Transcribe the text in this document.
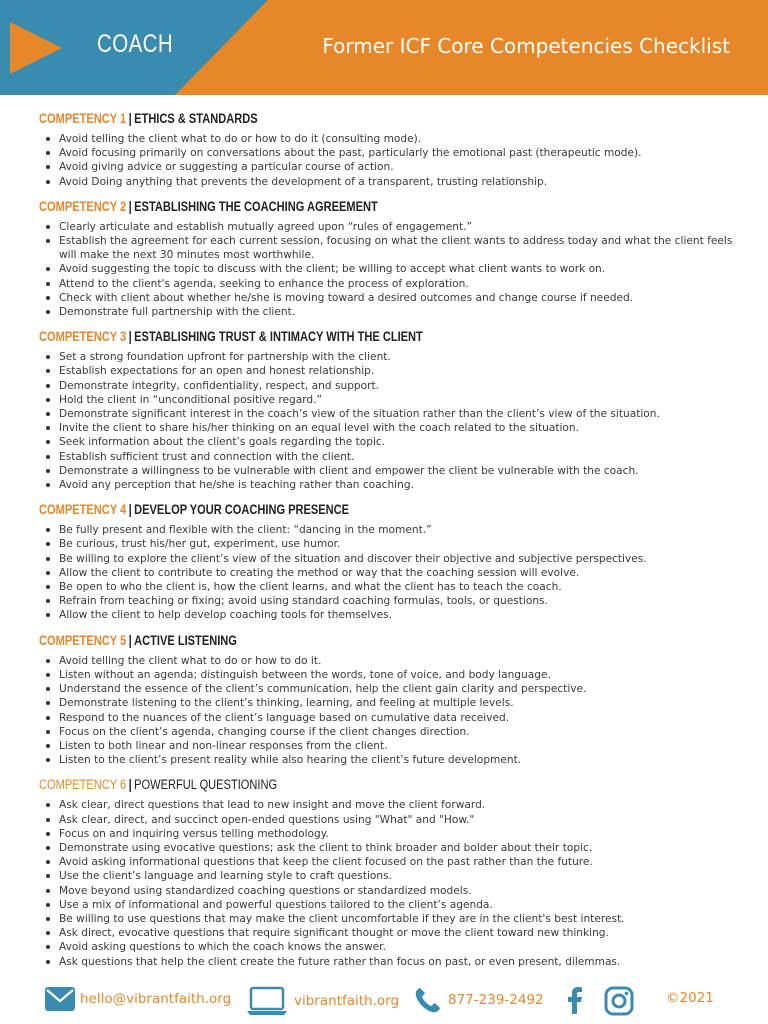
COACH	Former ICF Core Competencies Checklist
COMPETENCY 1 | ETHICS & STANDARDS
Avoid telling the client what to do or how to do it (consulting mode).
Avoid focusing primarily on conversations about the past, particularly the emotional past (therapeutic mode).
Avoid giving advice or suggesting a particular course of action.
Avoid Doing anything that prevents the development of a transparent, trusting relationship.
COMPETENCY 2 | ESTABLISHING THE COACHING AGREEMENT
Clearly articulate and establish mutually agreed upon “rules of engagement.”
Establish the agreement for each current session, focusing on what the client wants to address today and what the client feels will make the next 30 minutes most worthwhile.
Avoid suggesting the topic to discuss with the client; be willing to accept what client wants to work on.
Attend to the client's agenda, seeking to enhance the process of exploration.
Check with client about whether he/she is moving toward a desired outcomes and change course if needed.
Demonstrate full partnership with the client.
COMPETENCY 3 | ESTABLISHING TRUST & INTIMACY WITH THE CLIENT
Set a strong foundation upfront for partnership with the client.
Establish expectations for an open and honest relationship.
Demonstrate integrity, confidentiality, respect, and support.
Hold the client in “unconditional positive regard.”
Demonstrate significant interest in the coach’s view of the situation rather than the client’s view of the situation.
Invite the client to share his/her thinking on an equal level with the coach related to the situation.
Seek information about the client’s goals regarding the topic.
Establish sufficient trust and connection with the client.
Demonstrate a willingness to be vulnerable with client and empower the client be vulnerable with the coach.
Avoid any perception that he/she is teaching rather than coaching.
COMPETENCY 4 | DEVELOP YOUR COACHING PRESENCE
Be fully present and flexible with the client: “dancing in the moment.”
Be curious, trust his/her gut, experiment, use humor.
Be willing to explore the client’s view of the situation and discover their objective and subjective perspectives.
Allow the client to contribute to creating the method or way that the coaching session will evolve.
Be open to who the client is, how the client learns, and what the client has to teach the coach.
Refrain from teaching or fixing; avoid using standard coaching formulas, tools, or questions.
Allow the client to help develop coaching tools for themselves.
COMPETENCY 5 | ACTIVE LISTENING
Avoid telling the client what to do or how to do it.
Listen without an agenda; distinguish between the words, tone of voice, and body language.
Understand the essence of the client’s communication, help the client gain clarity and perspective.
Demonstrate listening to the client’s thinking, learning, and feeling at multiple levels.
Respond to the nuances of the client’s language based on cumulative data received.
Focus on the client’s agenda, changing course if the client changes direction.
Listen to both linear and non-linear responses from the client.
Listen to the client’s present reality while also hearing the client’s future development.
COMPETENCY 6 | POWERFUL QUESTIONING
Ask clear, direct questions that lead to new insight and move the client forward.
Ask clear, direct, and succinct open-ended questions using "What" and "How."
Focus on and inquiring versus telling methodology.
Demonstrate using evocative questions; ask the client to think broader and bolder about their topic.
Avoid asking informational questions that keep the client focused on the past rather than the future.
Use the client’s language and learning style to craft questions.
Move beyond using standardized coaching questions or standardized models.
Use a mix of informational and powerful questions tailored to the client’s agenda.
Be willing to use questions that may make the client uncomfortable if they are in the client's best interest.
Ask direct, evocative questions that require significant thought or move the client toward new thinking.
Avoid asking questions to which the coach knows the answer.
Ask questions that help the client create the future rather than focus on past, or even present, dilemmas.
hello@vibrantfaith.org	vibrantfaith.org	877-239-2492	©2021
